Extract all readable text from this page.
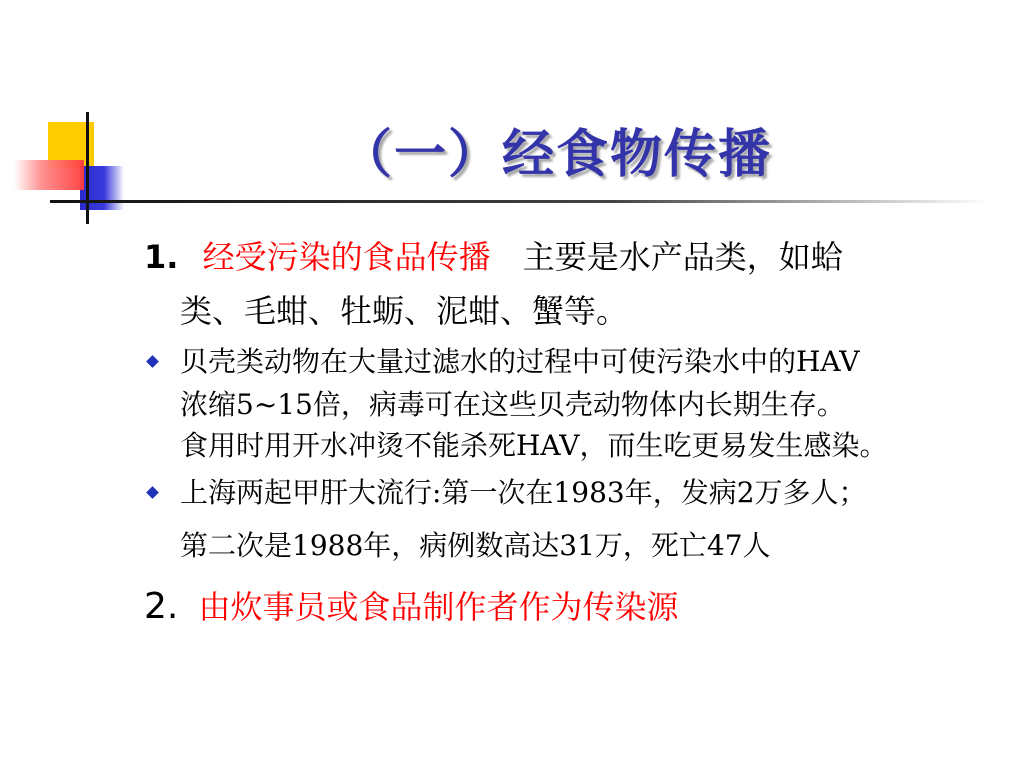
（一）经食物传播
1. 经受污染的食品传播 主要是水产品类，如蛤
类、毛蚶、牡蛎、泥蚶、蟹等。
贝壳类动物在大量过滤水的过程中可使污染水中的HAV
浓缩5~15倍，病毒可在这些贝壳动物体内长期生存。
食用时用开水冲烫不能杀死HAV，而生吃更易发生感染。
上海两起甲肝大流行:第一次在1983年，发病2万多人；
第二次是1988年，病例数高达31万，死亡47人
2. 由炊事员或食品制作者作为传染源
